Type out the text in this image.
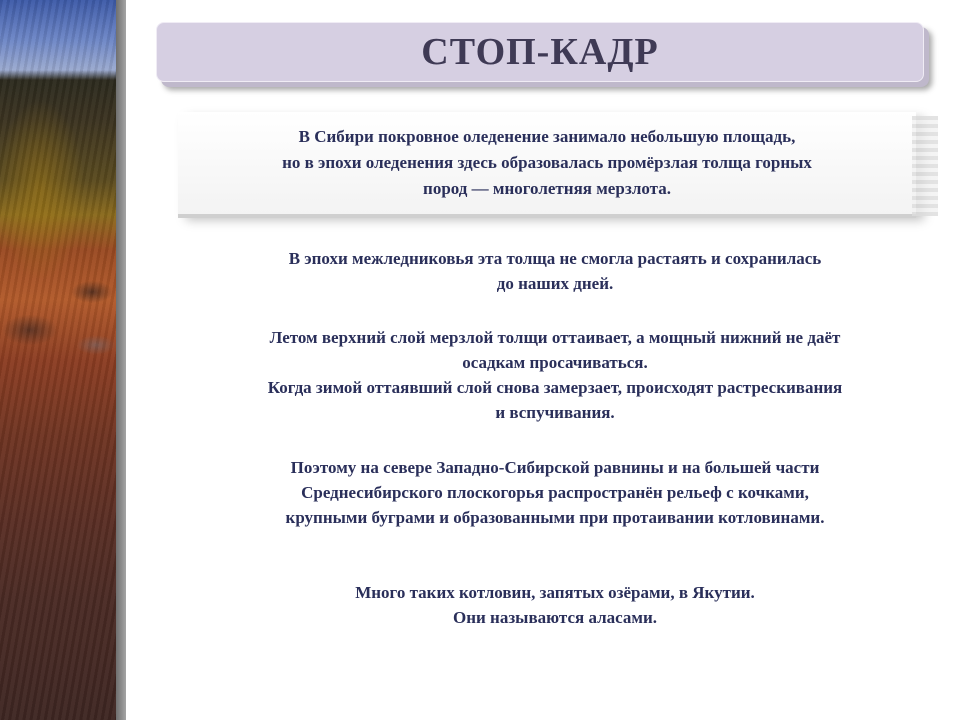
СТОП-КАДР
В Сибири покровное оледенение занимало небольшую площадь,
но в эпохи оледенения здесь образовалась промёрзлая толща горных
пород — многолетняя мерзлота.
В эпохи межледниковья эта толща не смогла растаять и сохранилась
до наших дней.
Летом верхний слой мерзлой толщи оттаивает, а мощный нижний не даёт
осадкам просачиваться.
Когда зимой оттаявший слой снова замерзает, происходят растрескивания
и вспучивания.
Поэтому на севере Западно-Сибирской равнины и на большей части
Среднесибирского плоскогорья распространён рельеф с кочками,
крупными буграми и образованными при протаивании котловинами.
Много таких котловин, запятых озёрами, в Якутии.
Они называются аласами.
